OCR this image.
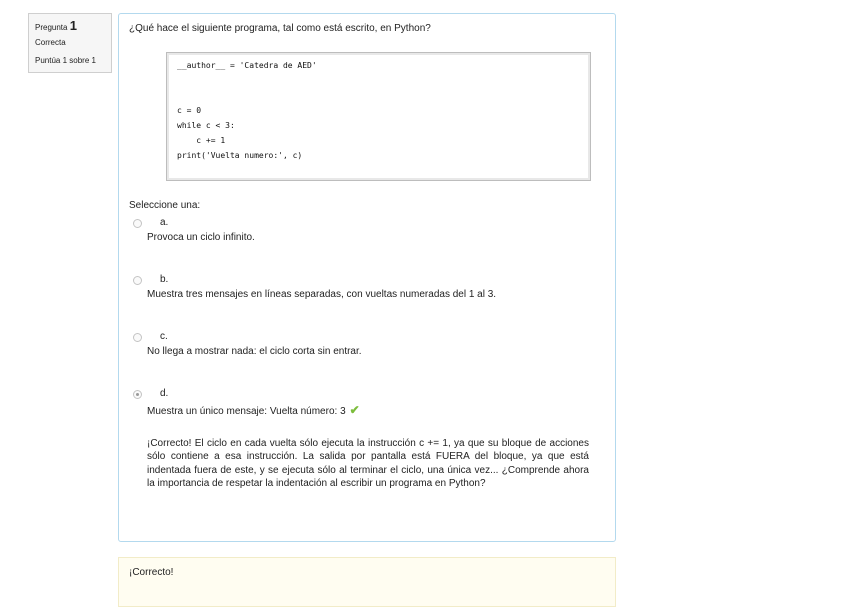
Pregunta 1
Correcta
Puntúa 1 sobre 1
¿Qué hace el siguiente programa, tal como está escrito, en Python?
__author__ = 'Catedra de AED'
c = 0
while c < 3:
c += 1
print('Vuelta numero:', c)
Seleccione una:
a.
Provoca un ciclo infinito.
b.
Muestra tres mensajes en líneas separadas, con vueltas numeradas del 1 al 3.
c.
No llega a mostrar nada: el ciclo corta sin entrar.
d.
Muestra un único mensaje: Vuelta número: 3 ✔
¡Correcto! El ciclo en cada vuelta sólo ejecuta la instrucción c += 1, ya que su bloque de acciones sólo contiene a esa instrucción. La salida por pantalla está FUERA del bloque, ya que está indentada fuera de este, y se ejecuta sólo al terminar el ciclo, una única vez... ¿Comprende ahora la importancia de respetar la indentación al escribir un programa en Python?
¡Correcto!
